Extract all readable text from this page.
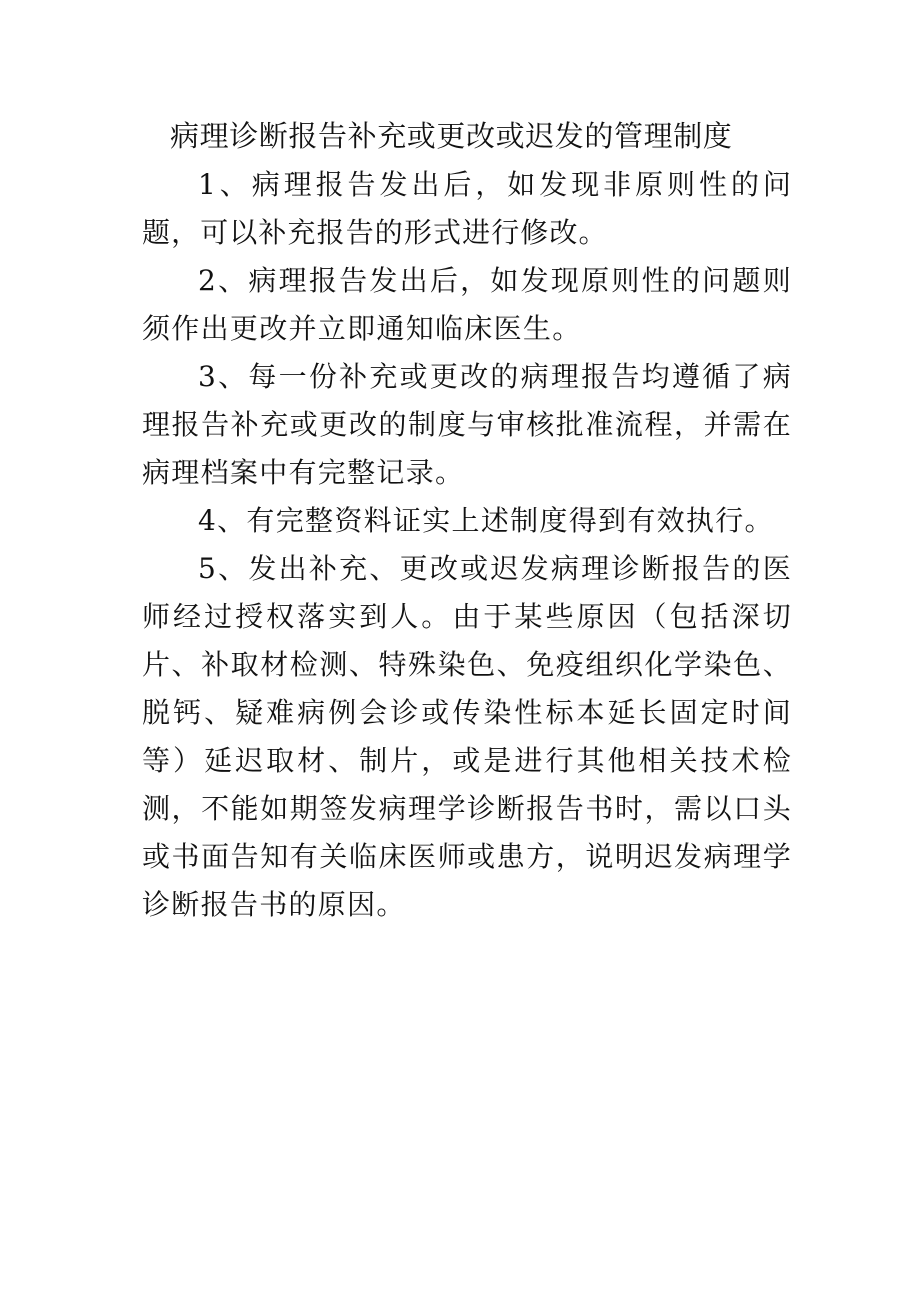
病理诊断报告补充或更改或迟发的管理制度

1、病理报告发出后，如发现非原则性的问题，可以补充报告的形式进行修改。

2、病理报告发出后，如发现原则性的问题则须作出更改并立即通知临床医生。

3、每一份补充或更改的病理报告均遵循了病理报告补充或更改的制度与审核批准流程，并需在病理档案中有完整记录。

4、有完整资料证实上述制度得到有效执行。

5、发出补充、更改或迟发病理诊断报告的医师经过授权落实到人。由于某些原因（包括深切片、补取材检测、特殊染色、免疫组织化学染色、脱钙、疑难病例会诊或传染性标本延长固定时间等）延迟取材、制片，或是进行其他相关技术检测，不能如期签发病理学诊断报告书时，需以口头或书面告知有关临床医师或患方，说明迟发病理学诊断报告书的原因。
